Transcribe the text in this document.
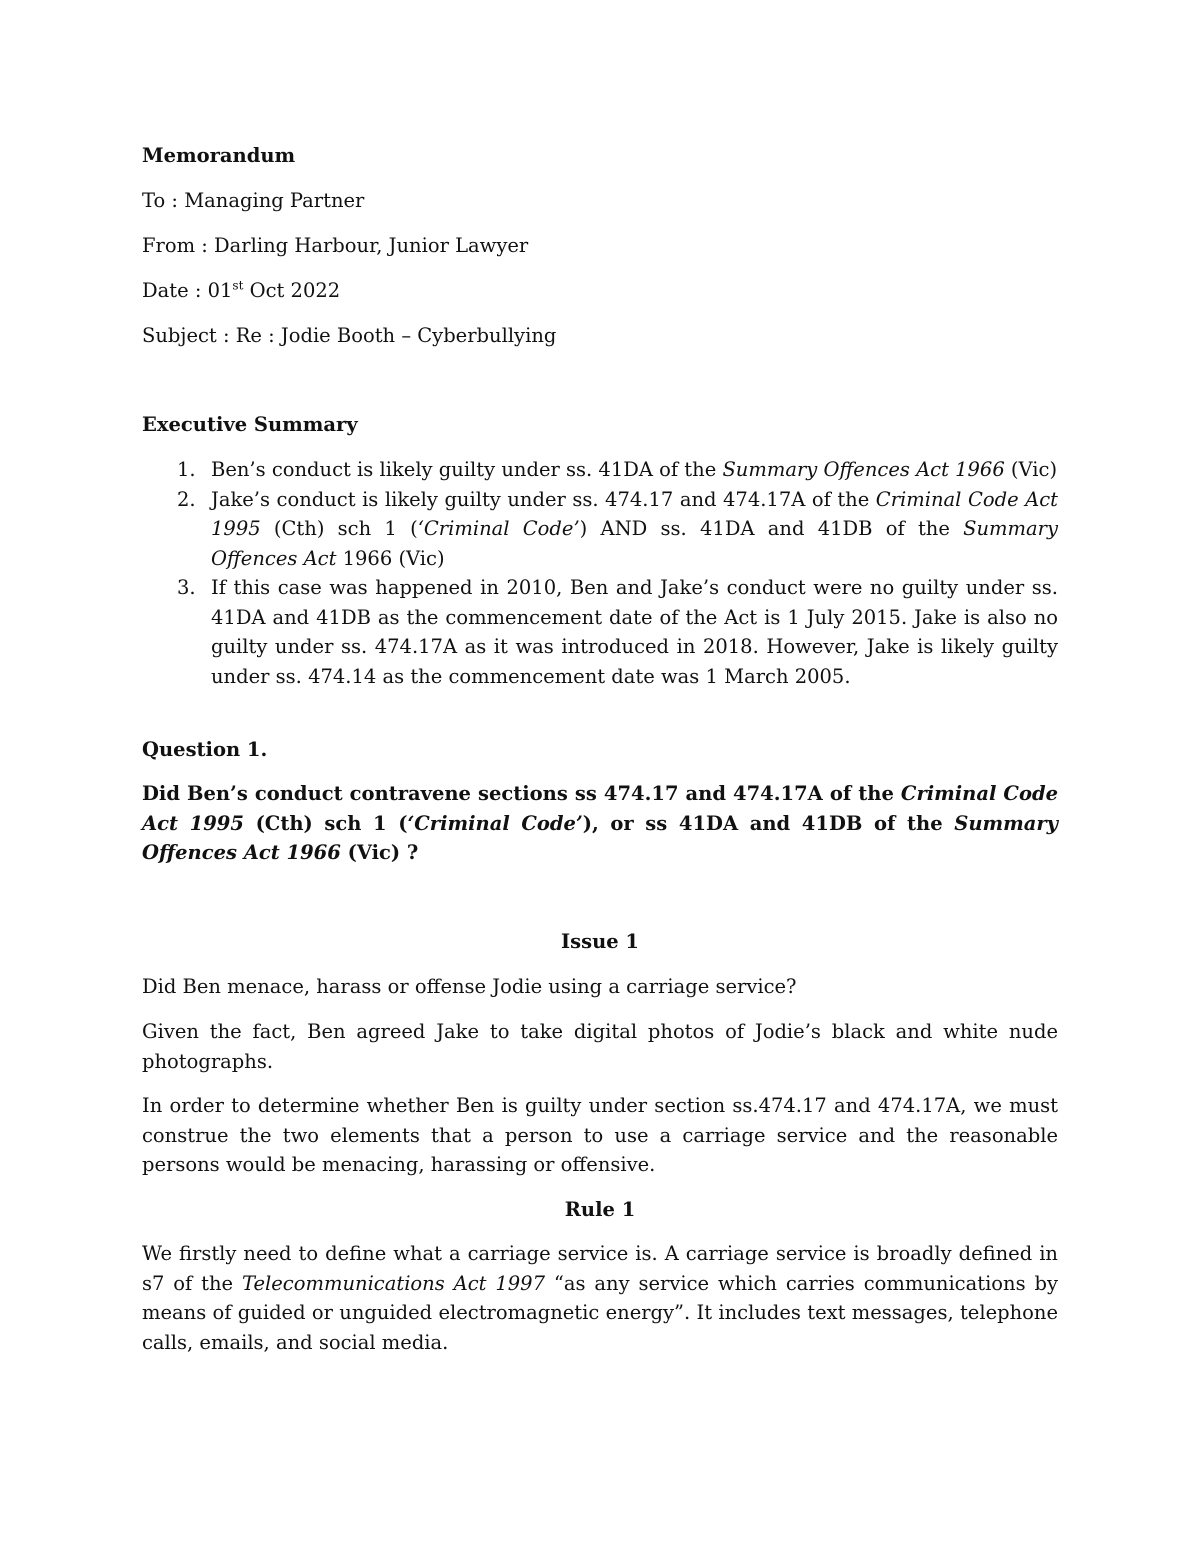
Memorandum

To : Managing Partner

From : Darling Harbour, Junior Lawyer

Date : 01st Oct 2022

Subject : Re : Jodie Booth – Cyberbullying

Executive Summary

1. Ben’s conduct is likely guilty under ss. 41DA of the Summary Offences Act 1966 (Vic)
2. Jake’s conduct is likely guilty under ss. 474.17 and 474.17A of the Criminal Code Act 1995 (Cth) sch 1 (‘Criminal Code’) AND ss. 41DA and 41DB of the Summary Offences Act 1966 (Vic)
3. If this case was happened in 2010, Ben and Jake’s conduct were no guilty under ss. 41DA and 41DB as the commencement date of the Act is 1 July 2015. Jake is also no guilty under ss. 474.17A as it was introduced in 2018. However, Jake is likely guilty under ss. 474.14 as the commencement date was 1 March 2005.

Question 1.

Did Ben’s conduct contravene sections ss 474.17 and 474.17A of the Criminal Code Act 1995 (Cth) sch 1 (‘Criminal Code’), or ss 41DA and 41DB of the Summary Offences Act 1966 (Vic) ?

Issue 1

Did Ben menace, harass or offense Jodie using a carriage service?

Given the fact, Ben agreed Jake to take digital photos of Jodie’s black and white nude photographs.

In order to determine whether Ben is guilty under section ss.474.17 and 474.17A, we must construe the two elements that a person to use a carriage service and the reasonable persons would be menacing, harassing or offensive.

Rule 1

We firstly need to define what a carriage service is. A carriage service is broadly defined in s7 of the Telecommunications Act 1997 “as any service which carries communications by means of guided or unguided electromagnetic energy”. It includes text messages, telephone calls, emails, and social media.
